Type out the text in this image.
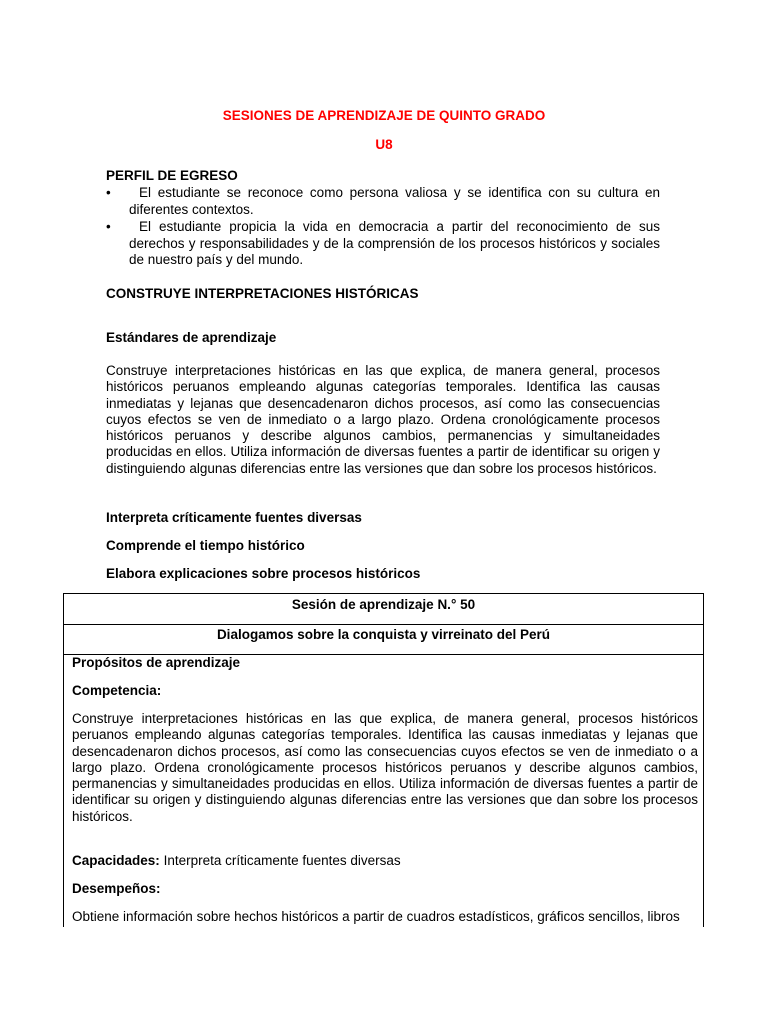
SESIONES DE APRENDIZAJE DE QUINTO GRADO
U8
PERFIL DE EGRESO
•	El estudiante se reconoce como persona valiosa y se identifica con su cultura en diferentes contextos.
•	El estudiante propicia la vida en democracia a partir del reconocimiento de sus derechos y responsabilidades y de la comprensión de los procesos históricos y sociales de nuestro país y del mundo.
CONSTRUYE INTERPRETACIONES HISTÓRICAS
Estándares de aprendizaje
Construye interpretaciones históricas en las que explica, de manera general, procesos históricos peruanos empleando algunas categorías temporales. Identifica las causas inmediatas y lejanas que desencadenaron dichos procesos, así como las consecuencias cuyos efectos se ven de inmediato o a largo plazo. Ordena cronológicamente procesos históricos peruanos y describe algunos cambios, permanencias y simultaneidades producidas en ellos. Utiliza información de diversas fuentes a partir de identificar su origen y distinguiendo algunas diferencias entre las versiones que dan sobre los procesos históricos.
Interpreta críticamente fuentes diversas
Comprende el tiempo histórico
Elabora explicaciones sobre procesos históricos
Sesión de aprendizaje N.° 50
Dialogamos sobre la conquista y virreinato del Perú
Propósitos de aprendizaje
Competencia:
Construye interpretaciones históricas en las que explica, de manera general, procesos históricos peruanos empleando algunas categorías temporales. Identifica las causas inmediatas y lejanas que desencadenaron dichos procesos, así como las consecuencias cuyos efectos se ven de inmediato o a largo plazo. Ordena cronológicamente procesos históricos peruanos y describe algunos cambios, permanencias y simultaneidades producidas en ellos. Utiliza información de diversas fuentes a partir de identificar su origen y distinguiendo algunas diferencias entre las versiones que dan sobre los procesos históricos.
Capacidades: Interpreta críticamente fuentes diversas
Desempeños:
Obtiene información sobre hechos históricos a partir de cuadros estadísticos, gráficos sencillos, libros
